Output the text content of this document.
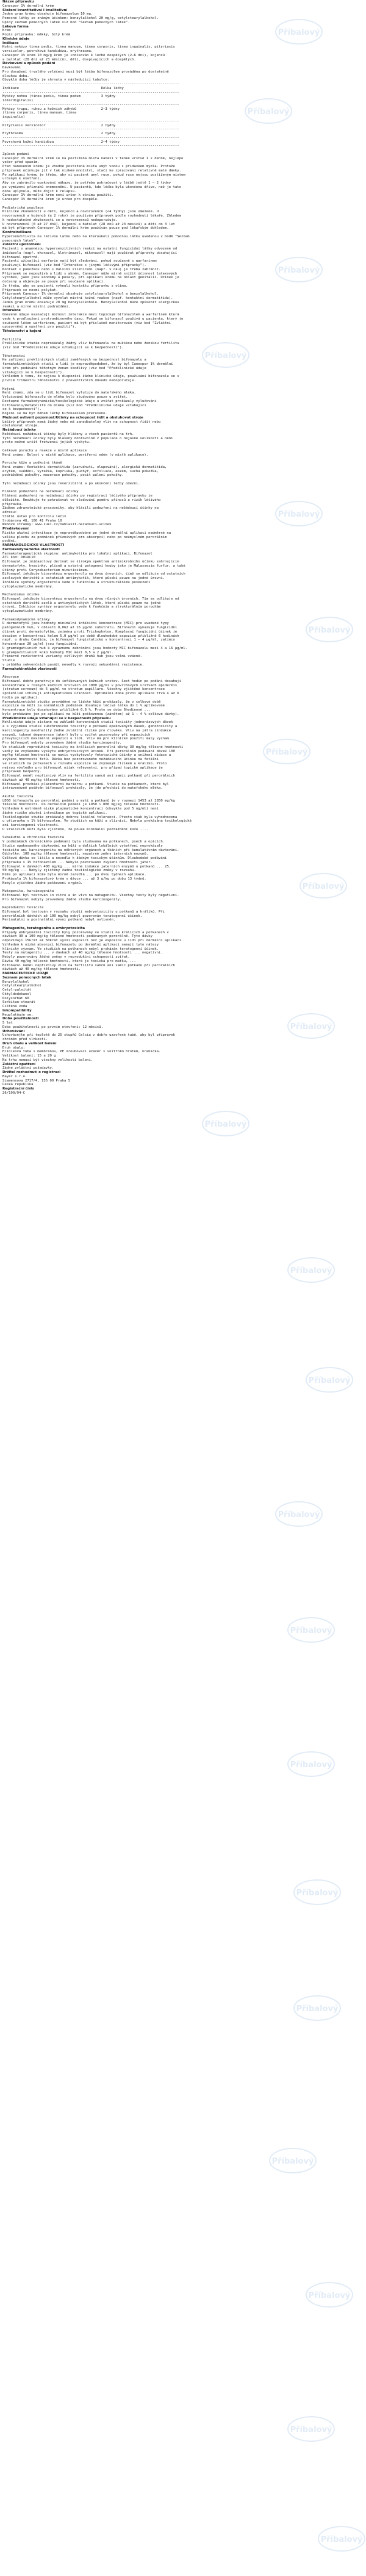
Název přípravku
Canespor 1% dermální krém
Složení kvantitativní i kvalitativní
Jeden gram krému obsahuje bifonazolum 10 mg.
Pomocné látky se známým účinkem: benzylalkohol 20 mg/g, cetylstearylalkohol.
Úplný seznam pomocných látek viz bod "Seznam pomocných látek".
Léková forma
Krém
Popis přípravku: měkký, bílý krém
Klinické údaje
Indikace
Kožní mykózy tinea pedis, tinea manuum, tinea corporis, tinea inguinalis, pityriasis
versicolor, povrchová kandidóza, erythrasma.
Canespor 1% krém 10 mg/g krém je indikován k léčbě dospělých (2–6 dní), kojenců
a batolat (28 dní až 23 měsíců), dětí, dospívajících a dospělých.
Dávkování a způsob podání
Dávkování
Pro dosažení trvalého vyléčení musí být léčba bifonazolem prováděna po dostatečně
dlouhou dobu.
Obvyklá doba léčby je shrnuta v následující tabulce:
--------------------------------------------------------------------------------------
Indikace                                        Délka léčby
--------------------------------------------------------------------------------------
Mykózy nohou (tinea pedis, tinea pedum          3 týdny
interdigitalis)
--------------------------------------------------------------------------------------
Mykózy trupu, rukou a kožních záhybů            2–3 týdny
(tinea corporis, tinea manuum, tinea
inguinalis)
--------------------------------------------------------------------------------------
Pityriasis versicolor                           2 týdny
--------------------------------------------------------------------------------------
Erythrasma                                      2 týdny
--------------------------------------------------------------------------------------
Povrchová kožní kandidóza                       2–4 týdny
--------------------------------------------------------------------------------------
Způsob podání
Canespor 1% dermální krém se na postižená místa nanáší v tenké vrstvě 1 x denně, nejlépe
večer před spaním.
Před nanesením krému je vhodné postižená místa umýt vodou s přídavkem mýdla. Protože
přípravek účinkuje již v tak nízkém množství, stačí ke zpracování relativně malé dávky.
Po aplikaci krému je třeba, aby si pacient umyl ruce, pokud ruce nejsou postiženým místem
určeným k ošetření.
Aby se zabránilo opakování nákazy, je potřeba pokračovat v léčbě ještě 1 – 2 týdny
po vymizení příznaků onemocnění. U pacientů, kde léčba byla ukončena dříve, než je tato
doba uplynula, může dojít k relapsu.
Canespor 1% dermální krém není určen k očnímu použití.
Canespor 1% dermální krém je určen pro dospělé.
Pediatrická populace
Klinické zkušenosti u dětí, kojenců a novorozenců (<4 týdny) jsou omezené. U
novorozenců a kojenců (≤ 2 roky) je používán přípravek podle rozhodnutí lékaře. Zhledem
k nedostatečné zkušenosti se u novorozenců nedoporučuje.
U novorozenců (0 až 27 dnů), kojenců a batolat (28 dnů až 23 měsíců) a dětí do 3 let
má být přípravek Canespor 1% dermální krém používán pouze pod lékařským dohledem.
Kontraindikace
Hypersenzitivita na léčivou látku nebo na kteroukoli pomocnou látku uvedenou v bodě "Seznam
pomocných látek".
Zvláštní upozornění
Pacienti s anamnézou hypersenzitivních reakcí na ostatní fungicidní látky odvozené od
imidazolu (např. ekonazol, klotrimazol, mikonazol) mají používat přípravky obsahující
bifonazol opatrně.
Pacienti užívající warfarin mají být sledováni, pokud současně s warfarinem
používají bifonazol (viz bod "Interakce s jinými léčivými přípravky").
Kontakt s pokožkou nebo s dalšími sliznicemi (např. v oku) je třeba zabránit.
Přípravek se nepoužívá u lidí s akném. Canespor může mírně snížit účinnost latexových
výrobků, jako jsou kondomy a pesary, při aplikaci krému na oblast genitálií. Účinek je
dočasný a objevuje se pouze při současné aplikaci.
Je třeba, aby se pacienti vyhnuli kontaktu přípravku s očima.
Přípravek se nesmí polykat.
Přípravek Canespor 1% dermální obsahuje cetylstearylalkohol a benzylalkohol.
Cetylstearylalkohol může vyvolat místní kožní reakce (např. kontaktní dermatitidu).
Jeden gram krému obsahuje 20 mg benzylalkoholu. Benzylalkohol může způsobit alergickou
reakci a mírné místní podráždění.
Interakce
Omezené údaje naznačují možnost interakce mezi topickým bifonazolem a warfarinem která
vede k prodloužení protrombinového času. Pokud se bifonazol používá u pacienta, který je
současně léčen warfarinem, pacient má být příslušně monitorován (viz bod "Zvláštní
upozornění a opatření pro použití").
Těhotenství a kojení
Fertilita
Preklinické studie neprokázaly žádný vliv bifonazolu na mužskou nebo ženskou fertilitu
(viz bod "Předklinické údaje vztahující se k bezpečnosti").
Těhotenství
Ke zařízení preklinických studií zaměřených na bezpečnost bifonazolu a
farmakokinetických studií u lidí je nepravděpodobné, že by byl Canespor 1% dermální
krém při podávání těhotným ženám škodlivý (viz bod "Předklinické údaje
vztahující se k bezpečnosti").
Vzhledem k tomu, že nejsou k dispozici žádné klinické údaje, používání bifonazolu se v
prvním trimestru těhotenství z preventivních důvodů nedoporučuje.
Kojení
Není známo, zda se u lidí bifonazol vylučuje do mateřského mléka.
Vylučování bifonazolu do mléka bylo studováno pouze u zvířat.
Dostupné farmakodynamické/toxikologické údaje u zvířat prokázaly vylučování
bifonazolu/metabolitů do mléka (viz bod "Předklinické údaje vztahující
se k bezpečnosti").
Kojení se má být během léčby bifonazolem přerušeno.
Možnost ovlivnit pozornost/Účinky na schopnost řídit a obsluhovat stroje
Léčivý přípravek nemá žádný nebo má zanedbatelný vliv na schopnost řídit nebo
obsluhovat stroje.
Nežádoucí účinky
Nežádoucí nežádoucí účinky byly hlášeny u všech pacientů na trh.
Tyto nežádoucí účinky byly hlášeny dobrovolně z populace o nejasné velikosti a není
proto možné určit frekvenci jejich výskytu.
Celkové poruchy a reakce v místě aplikace
Není známo: Bolest v místě aplikace, periferní edém (v místě aplikace).
Poruchy kůže a podkožní tkáně
Není známo: Kontaktní dermatitida (zarudnutí, olupování), alergická dermatitida,
erytém, svědění, vyrážka, kopřivka, puchýř, exfoliace, ekzém, suchá pokožka,
podráždění pokožky, macerace pokožky, pocit pálení pokožky.
Tyto nežádoucí účinky jsou reverzibilní a po ukončení léčby odezní.
Hlášení podezření na nežádoucí účinky
Hlášení podezření na nežádoucí účinky po registraci léčivého přípravku je
důležité. Umožňuje to pokračovat ve sledování poměru přínosů a rizik léčivého
přípravku.
Žádáme zdravotnické pracovníky, aby hlásili podezření na nežádoucí účinky na
adresu:
Státní ústav pro kontrolu léčiv
Šrobárova 48, 100 41 Praha 10
Webové stránky: www.sukl.cz/nahlasit-nezadouci-ucinek
Předávkování
Riziko akutní intoxikace je nepravděpodobné po jedné dermální aplikaci nadměrné na
velkou plochu za podmínek příznivých pro absorpci) nebo po neúmyslném perorálním
podání.
FARMAKOLOGICKÉ VLASTNOSTI
Farmakodynamické vlastnosti
Farmakoterapeutická skupina: antimykotika pro lokální aplikaci, Bifonazol
ATC kód: D01AC10
Bifonazol je imidazolový derivát se širokým spektrem antimikrobního účinku zahrnujícím
dermatofyty, kvasinky, plísně a ostatní patogenní houby jako je Malassezia furfur, a také
účinný proti Corynebacterium minutissimum.
Bifonazol inhibuje biosyntézu ergosterolu na dvou úrovních, čímž se odlišuje od ostatních
azolových derivátů a ostatních antimykotik, které působí pouze na jedné úrovni.
Inhibice syntézy ergosterolu vede k funkčnímu a strukturálnímu poškození
cytoplazmatické membrány.
Mechanismus účinku
Bifonazol inhibuje biosyntézu ergosterolu na dvou různých úrovních. Tím se odlišuje od
ostatních derivátů azolů a antimykotických látek, které působí pouze na jedné
úrovni. Inhibice syntézy ergosterolu vede k funkčním a strukturálním poruchám
cytoplazmatické membrány.
Farmakodynamické účinky
U dermatofytů jsou hodnoty minimální inhibiční koncentrace (MIC) pro uvedené typy
patogenních hub, v oblasti 0,062 až 16 µg/ml substrátu. Bifonazol vykazuje fungicidní
účinek proti dermatofytům, zejména proti Trichophyton. Komplexní fungicidní účinek je
dosažen v koncentraci kolem 5,0 µg/ml po době dlouhodobé expozice přibližně 6 hodinách
např. u druhu Candida, je bifonazol fungistatický v koncentraci 1 – 4 µg/ml, zatímco
koncentrace 20 µg/ml jsou fungicidní.
U gramnegativních hub k výraznému zabránění jsou hodnoty MIC bifonazolu mezi 4 a 16 µg/ml.
U grampozitivních koků hodnoty MIC mezi 0,5 a 2 µg/ml.
Primárně rezistentní varianty citlivých druhů hub jsou velmi vzácné.
Studie
v průběhu sekvenčních pasáží nevedly k rozvoji sekundární rezistence.
Farmakokinetické vlastnosti
Absorpce
Bifonazol dobře penetruje do infikovaných kožních vrstev. Šest hodin po podání dosahují
koncentrace v různých kožních vrstvách od 1000 µg/ml v povrchových vrstvách epidermis
(stratum corneum) do 5 µg/ml ve stratum papillare. Všechny zjištěné koncentrace
spolehlivě inhibují antimykotickou účinnost. Optimální doba první aplikace trvá 4 až 6
hodin po aplikaci.
Farmakokinetické studie prováděné na lidské kůži prokázaly, že v celkové době
expozice na kůži za normálních podmínek dosahuje léčivá látka do 1 % aplikované
koncentrace byly dosahovány přibližně 0,6 %. Proto se doba 6hodinové ...
bylo prokázáno jen po aplikaci na kůži poškozenou (zánětem) až 1 – 4 % celkové dávky).
Předklinické údaje vztahující se k bezpečnosti přípravku
Neklinické údaje získané na základě konvenčních studií toxicity jednorázových dávek
a s výjimkou studie subchronické toxicity u potkanů opakovaných dávek, genotoxicity a
karcinogenity neodhalily žádné zvláštní riziko pro člověka. Vliv na játra (indukce
enzymů, tukové degenerace jater) byly u zvířat pozorovány při expozicích
převyšujících maximální expozici u lidí. Vliv má pro klinické použití malý význam.
Pro bifonazol nebyly provedeny žádné studie karcinogenity.
Ve studiích reprodukční toxicity na králících perorální dávky 30 mg/kg tělesné hmotnosti
vedly ke zvýšenému výskytu embryotoxických účinků. Při perorálním podávání dávek 100
mg/kg tělesné hmotnosti se navíc vyskytovaly fetotoxické účinky a snížení nidace a
zvýšení hmotnosti fetů. Dávka bez pozorovaného nežádoucího účinku na fetální
ve studiích na potkanech v rozsahu expozice se zvýšeným rizikem u králíků. Proto
nejsou výsledky pro bifonazol nijak relevantní, pro případ topické aplikace je
přípravek bezpečný.
Bifonazol neměl nepříznivý vliv na fertilitu samců ani samic potkanů při perorálních
dávkách až 40 mg/kg tělesné hmotnosti.
Bifonazol prochází placentární bariérou u potkanů. Studie na potkanech, které byl
intravenózně podáván bifonazol prokázaly, že jde přechází do mateřského mléka.
Akutní toxicita
LD50 bifonazolu po perorální podání u myší a potkanů je v rozmezí 1453 až 2850 mg/kg
tělesné hmotnosti. Po dermálním podání je LD50 > 800 mg/kg tělesné hmotnosti.
Vzhledem k extrémně nízké plazmatické koncentraci (obvykle pod 5 ng/ml) není
žádné riziko akutní intoxikace po topické aplikaci.
Toxikologické studie prokázaly dobrou lokální toleranci. Přesto však byla vyhodnocena
u přípravku s 1% bifonazolem. Ve studiích na kůži a sliznici. Nebyla prokázána toxikologická
ani karcinogenní vlastnosti.
U králičích kůží bylo zjištěno, že pouze minimální podráždění kůže ....
Subakutní a chronická toxicita
V podmínkách chronického podávání byla studována na potkanech, psech a opicích.
Studie opakovaného dávkování na kůži a dalších lokálních vyšetření neprokázaly
toxicitu ani karcinogenitu na některých orgánech a tkáních při kumulativním dávkování.
Odchylky: 100 mg/kg tělesné hmotnosti, nepatrné změny jaterních enzymů.
Celková dávka se lišila a nevedla k žádným toxickým účinkům. Dlouhodobé podávání
přípravku s 1% bifonazolem ... Nebylo pozorováno zvýšení hmotnosti jater.
Bifonazol v dávkách 400 mg/kg ... mírné indukce jaterních enzymů u potkanů ... 25,
50 mg/kg ... Nebyly zjištěny žádné toxikologické změny v rozsahu.
Kůže po aplikaci kůže byla mírně zarudlá ... po dvou týdnech aplikace.
Prokázala 1% bifonazolový krém v dávce ... až 3 g/kg po dobu 13 týdnů.
Nebylo zjištěno žádné poškození orgánů.
Mutagenita, karcinogenita
Bifonazol byl testován in vitro a in vivo na mutagenitu. Všechny testy byly negativní.
Pro bifonazol nebyly provedeny žádné studie karcinogenity.
Reprodukční toxicita
Bifonazol byl testován v rozsahu studií embryotoxicity u potkanů a králíků. Při
perorálních dávkách až 100 mg/kg nebyl pozorován teratogenní účinek.
Perinatální a postnatální vývoj potkanů nebyl ovlivněn.
Mutagenita, teratogenita a embryotoxicita
Případy embryonální toxicity byly pozorovány ve studii na králících a potkanech v
dávkách 30 a 100 mg/kg tělesné hmotnosti podávaných perorálně. Tyto dávky
odpovídají 15krát až 50krát vyšší expozici než je expozice u lidí při dermální aplikaci.
Vzhledem k nízké absorpci bifonazolu po dermální aplikaci nemají tyto nálezy
klinický význam. Ve studiích na potkanech nebyl prokázán teratogenní účinek.
Testy na mutagenitu ... v dávkách až 40 mg/kg tělesné hmotnosti ... negativní.
Nebyly pozorovány žádné změny v reprodukční schopnosti zvířat.
Dávka 40 mg/kg tělesné hmotnosti, která je toxická pro matku, ...
Bifonazol neměl nepříznivý vliv na fertilitu samců ani samic potkanů při perorálních
dávkách až 40 mg/kg tělesné hmotnosti.
FARMACEUTICKÉ ÚDAJE
Seznam pomocných látek
Benzylalkohol
Cetylstearylalkohol
Cetyl-palmitát
Oktyldodekanol
Polysorbát 60
Sorbitan-stearát
Čištěná voda
Inkompatibility
Neuplatňuje se.
Doba použitelnosti
5 let
Doba použitelnosti po prvním otevření: 12 měsíců.
Uchovávání
Uchovávejte při teplotě do 25 stupňů Celsia v dobře uzavřené tubě, aby byl přípravek
chráněn před vlhkostí.
Druh obalu a velikost balení
Druh obalu:
Hliníková tuba s membránou, PE šroubovací uzávěr s vnitřním hrotem, krabička.
Velikost balení: 15 a 20 g
Na trhu nemusí být všechny velikosti balení.
Zvláštní opatření
Žádné zvláštní požadavky.
Držitel rozhodnutí o registraci
Bayer s.r.o.
Siemensova 2717/4, 155 00 Praha 5
Česká republika
Registrační číslo
26/190/94-C
Příbalový
Příbalový
Příbalový
Příbalový
Příbalový
Příbalový
Příbalový
Příbalový
Příbalový
Příbalový
Příbalový
Příbalový
Příbalový
Příbalový
Příbalový
Příbalový
Příbalový
Příbalový
Příbalový
Příbalový
Příbalový
